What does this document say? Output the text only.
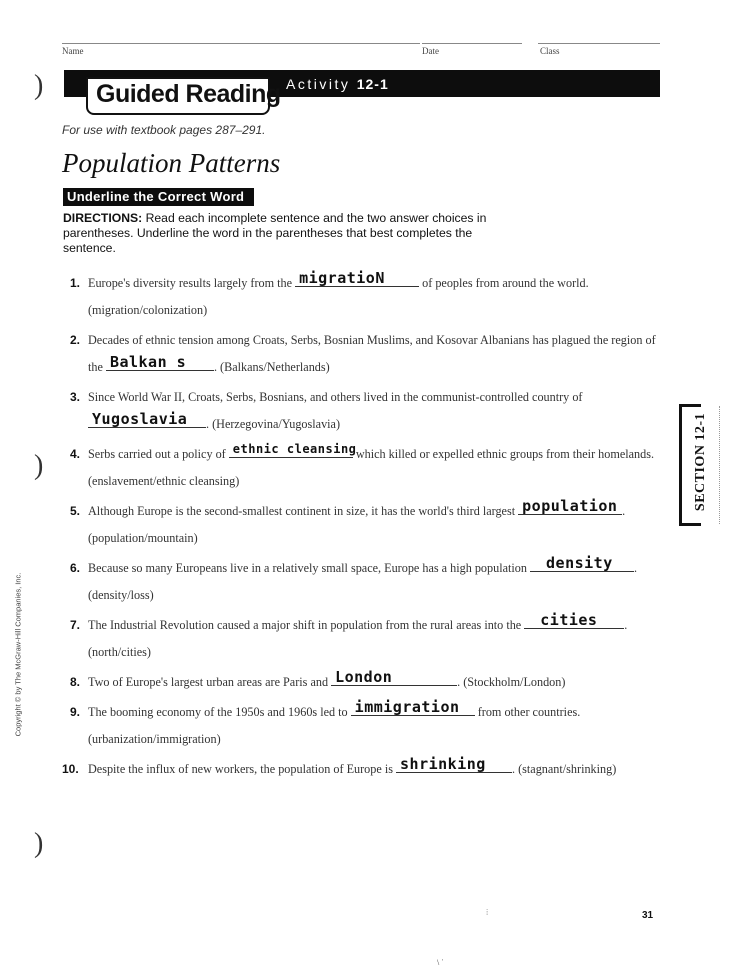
Name	Date	Class
)
)
)
Guided Reading Activity 12-1
For use with textbook pages 287–291.
Population Patterns
Underline the Correct Word
DIRECTIONS: Read each incomplete sentence and the two answer choices in parentheses. Underline the word in the parentheses that best completes the sentence.
1. Europe's diversity results largely from the migratioN	of peoples from around the world. (migration/colonization)
2. Decades of ethnic tension among Croats, Serbs, Bosnian Muslims, and Kosovar Albanians has plagued the region of the Balkan s . (Balkans/Netherlands)
3. Since World War II, Croats, Serbs, Bosnians, and others lived in the communist-controlled country of
Yugoslavia . (Herzegovina/Yugoslavia)
4. Serbs carried out a policy of ethnic cleansing
which killed or expelled ethnic groups from their homelands. (enslavement/ethnic cleansing)
5. Although Europe is the second-smallest continent in size, it has the world's third largest population . (population/mountain)
6. Because so many Europeans live in a relatively small space, Europe has a high population density . (density/loss)
7. The Industrial Revolution caused a major shift in population from the rural areas into the cities . (north/cities)
8. Two of Europe's largest urban areas are Paris and London	. (Stockholm/London)
9. The booming economy of the 1950s and 1960s led to immigration from other countries. (urbanization/immigration)
10. Despite the influx of new workers, the population of Europe is shrinking . (stagnant/shrinking)
SECTION 12-1
Copyright © by The McGraw-Hill Companies, Inc.
31
⁞
\ ˈ
